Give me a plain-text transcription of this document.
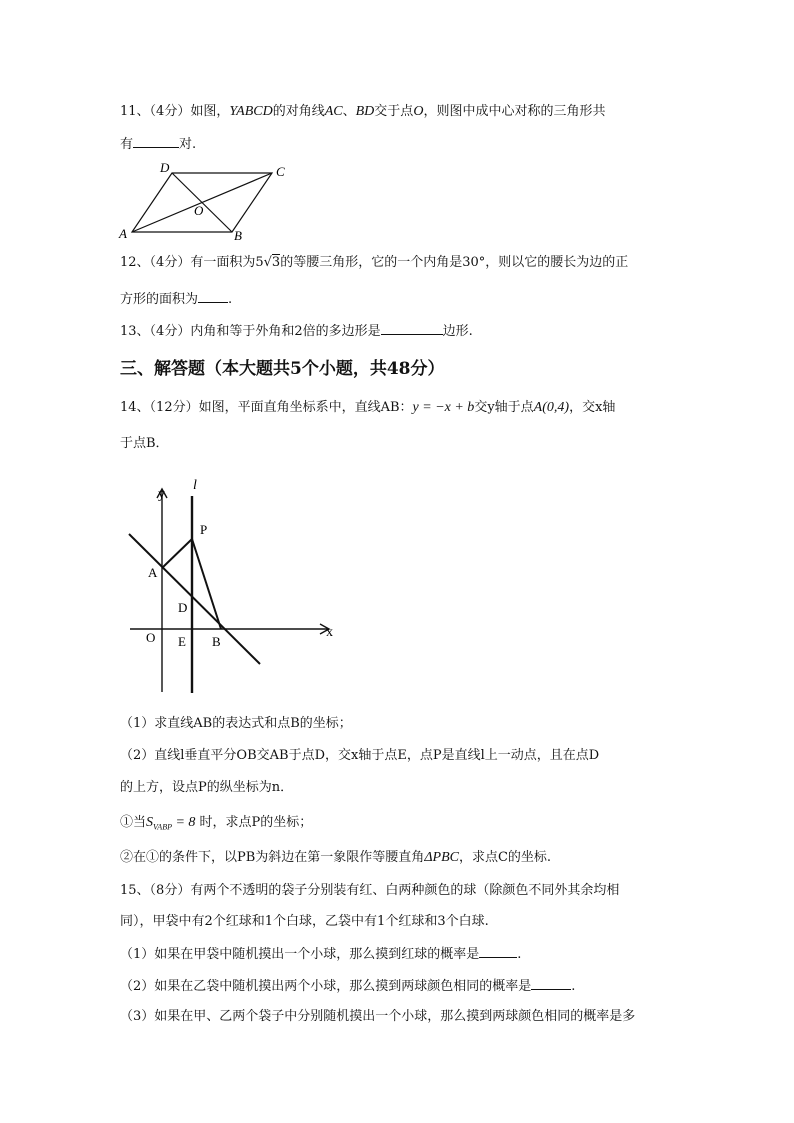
11、（4分）如图，YABCD的对角线AC、BD交于点O，则图中成中心对称的三角形共
有	对.
D	C
O
A	B
12、（4分）有一面积为5√3的等腰三角形，它的一个内角是30°，则以它的腰长为边的正
方形的面积为 .
13、（4分）内角和等于外角和2倍的多边形是	边形.
三、解答题（本大题共5个小题，共48分）
14、（12分）如图，平面直角坐标系中，直线AB：y = −x + b交y轴于点A(0,4)，交x轴
于点B．
y
l
P
A
D
O E B
x
（1）求直线AB的表达式和点B的坐标；
（2）直线l垂直平分OB交AB于点D，交x轴于点E，点P是直线l上一动点，且在点D
的上方，设点P的纵坐标为n．
①当$S_{VABP} = 8$ 时，求点P的坐标；
②在①的条件下，以PB为斜边在第一象限作等腰直角ΔPBC，求点C的坐标.
15、（8分）有两个不透明的袋子分别装有红、白两种颜色的球（除颜色不同外其余均相
同），甲袋中有2个红球和1个白球，乙袋中有1个红球和3个白球.
（1）如果在甲袋中随机摸出一个小球，那么摸到红球的概率是	.
（2）如果在乙袋中随机摸出两个小球，那么摸到两球颜色相同的概率是	.
（3）如果在甲、乙两个袋子中分别随机摸出一个小球，那么摸到两球颜色相同的概率是多
